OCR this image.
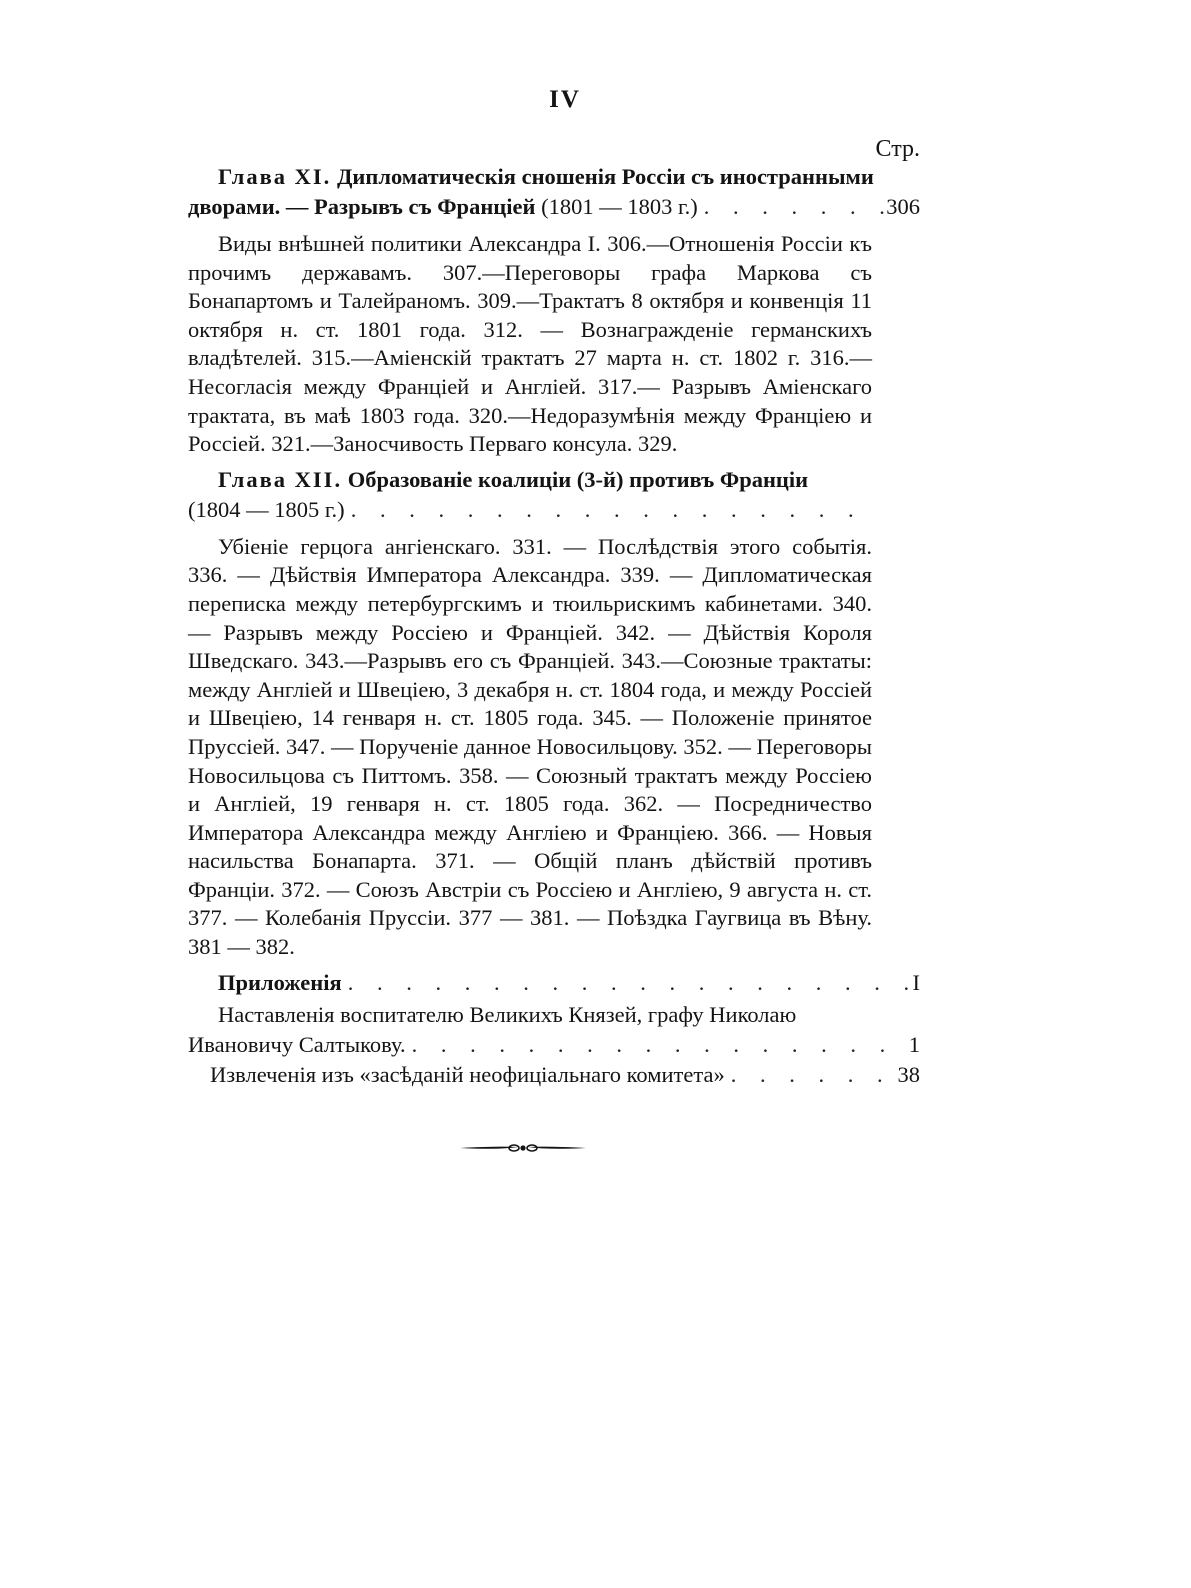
IV
Стр.
Глава XI. Дипломатическія сношенія Россіи съ иностранными
дворами. — Разрывъ съ Франціей (1801 — 1803 г.) . . .	306

Виды внѣшней политики Александра I. 306.—Отношенія Россіи къ прочимъ державамъ. 307.—Переговоры графа Маркова съ Бонапартомъ и Талейраномъ. 309.—Трактатъ 8 октября и конвенція 11 октября н. ст. 1801 года. 312. — Вознагражденіе германскихъ владѣтелей. 315.—Аміенскій трактатъ 27 марта н. ст. 1802 г. 316.—Несогласія между Франціей и Англіей. 317.— Разрывъ Аміенскаго трактата, въ маѣ 1803 года. 320.—Недоразумѣнія между Франціею и Россіей. 321.—Заносчивость Перваго консула. 329.

Глава XII. Образованіе коалиціи (3-й) противъ Франціи
(1804 — 1805 г.)
. . .

Убіеніе герцога ангіенскаго. 331. — Послѣдствія этого событія. 336. — Дѣйствія Императора Александра. 339. — Дипломатическая переписка между петербургскимъ и тюильрискимъ кабинетами. 340. — Разрывъ между Россіею и Франціей. 342. — Дѣйствія Короля Шведскаго. 343.—Разрывъ его съ Франціей. 343.—Союзные трактаты: между Англіей и Швеціею, 3 декабря н. ст. 1804 года, и между Россіей и Швеціею, 14 генваря н. ст. 1805 года. 345. — Положеніе принятое Пруссіей. 347. — Порученіе данное Новосильцову. 352. — Переговоры Новосильцова съ Питтомъ. 358. — Союзный трактатъ между Россіею и Англіей, 19 генваря н. ст. 1805 года. 362. — Посредничество Императора Александра между Англіею и Франціею. 366. — Новыя насильства Бонапарта. 371. — Общій планъ дѣйствій противъ Франціи. 372. — Союзъ Австріи съ Россіею и Англіею, 9 августа н. ст. 377. — Колебанія Пруссіи. 377 — 381. — Поѣздка Гаугвица въ Вѣну. 381 — 382.

Приложенія . . .	I
Наставленія воспитателю Великихъ Князей, графу Николаю
Ивановичу Салтыкову. . . .	1
Извлеченія изъ «засѣданій неофиціальнаго комитета» . . .	38
